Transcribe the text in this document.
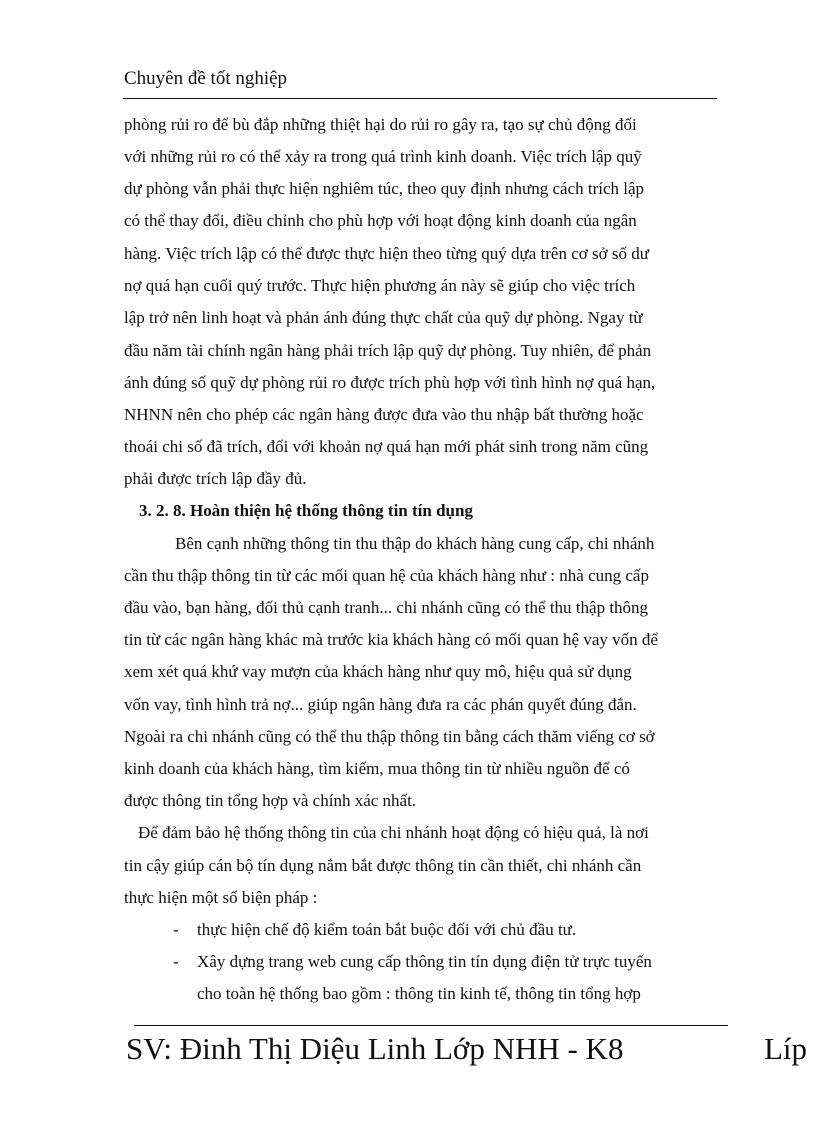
Chuyên đề tốt nghiệp
phòng rủi ro để bù đắp những thiệt hại do rủi ro gây ra, tạo sự chủ động đối
với những rủi ro có thể xảy ra trong quá trình kinh doanh. Việc trích lập quỹ
dự phòng vẫn phải thực hiện nghiêm túc, theo quy định nhưng cách trích lập
có thể thay đổi, điều chỉnh cho phù hợp với hoạt động kinh doanh của ngân
hàng. Việc trích lập có thể được thực hiện theo từng quý dựa trên cơ sở số dư
nợ quá hạn cuối quý trước. Thực hiện phương án này sẽ giúp cho việc trích
lập trở nên linh hoạt và phản ánh đúng thực chất của quỹ dự phòng. Ngay từ
đầu năm tài chính ngân hàng phải trích lập quỹ dự phòng. Tuy nhiên, để phản
ánh đúng số quỹ dự phòng rủi ro được trích phù hợp với tình hình nợ quá hạn,
NHNN nên cho phép các ngân hàng được đưa vào thu nhập bất thường hoặc
thoái chi số đã trích, đối với khoản nợ quá hạn mới phát sinh trong năm cũng
phải được trích lập đầy đủ.
3. 2. 8. Hoàn thiện hệ thống thông tin tín dụng
Bên cạnh những thông tin thu thập do khách hàng cung cấp, chi nhánh
cần thu thập thông tin từ các mối quan hệ của khách hàng như : nhà cung cấp
đầu vào, bạn hàng, đối thủ cạnh tranh... chi nhánh cũng có thể thu thập thông
tin từ các ngân hàng khác mà trước kia khách hàng có mối quan hệ vay vốn để
xem xét quá khứ vay mượn của khách hàng như quy mô, hiệu quả sử dụng
vốn vay, tình hình trả nợ... giúp ngân hàng đưa ra các phán quyết đúng đắn.
Ngoài ra chi nhánh cũng có thể thu thập thông tin bằng cách thăm viếng cơ sở
kinh doanh của khách hàng, tìm kiếm, mua thông tin từ nhiều nguồn để có
được thông tin tổng hợp và chính xác nhất.
Để đảm bảo hệ thống thông tin của chi nhánh hoạt động có hiệu quả, là nơi
tin cậy giúp cán bộ tín dụng nắm bắt được thông tin cần thiết, chi nhánh cần
thực hiện một số biện pháp :
- thực hiện chế độ kiểm toán bắt buộc đối với chủ đầu tư.
- Xây dựng trang web cung cấp thông tin tín dụng điện tử trực tuyến
cho toàn hệ thống bao gồm : thông tin kinh tế, thông tin tổng hợp
SV: Đinh Thị Diệu Linh Lớp NHH - K8	Líp
